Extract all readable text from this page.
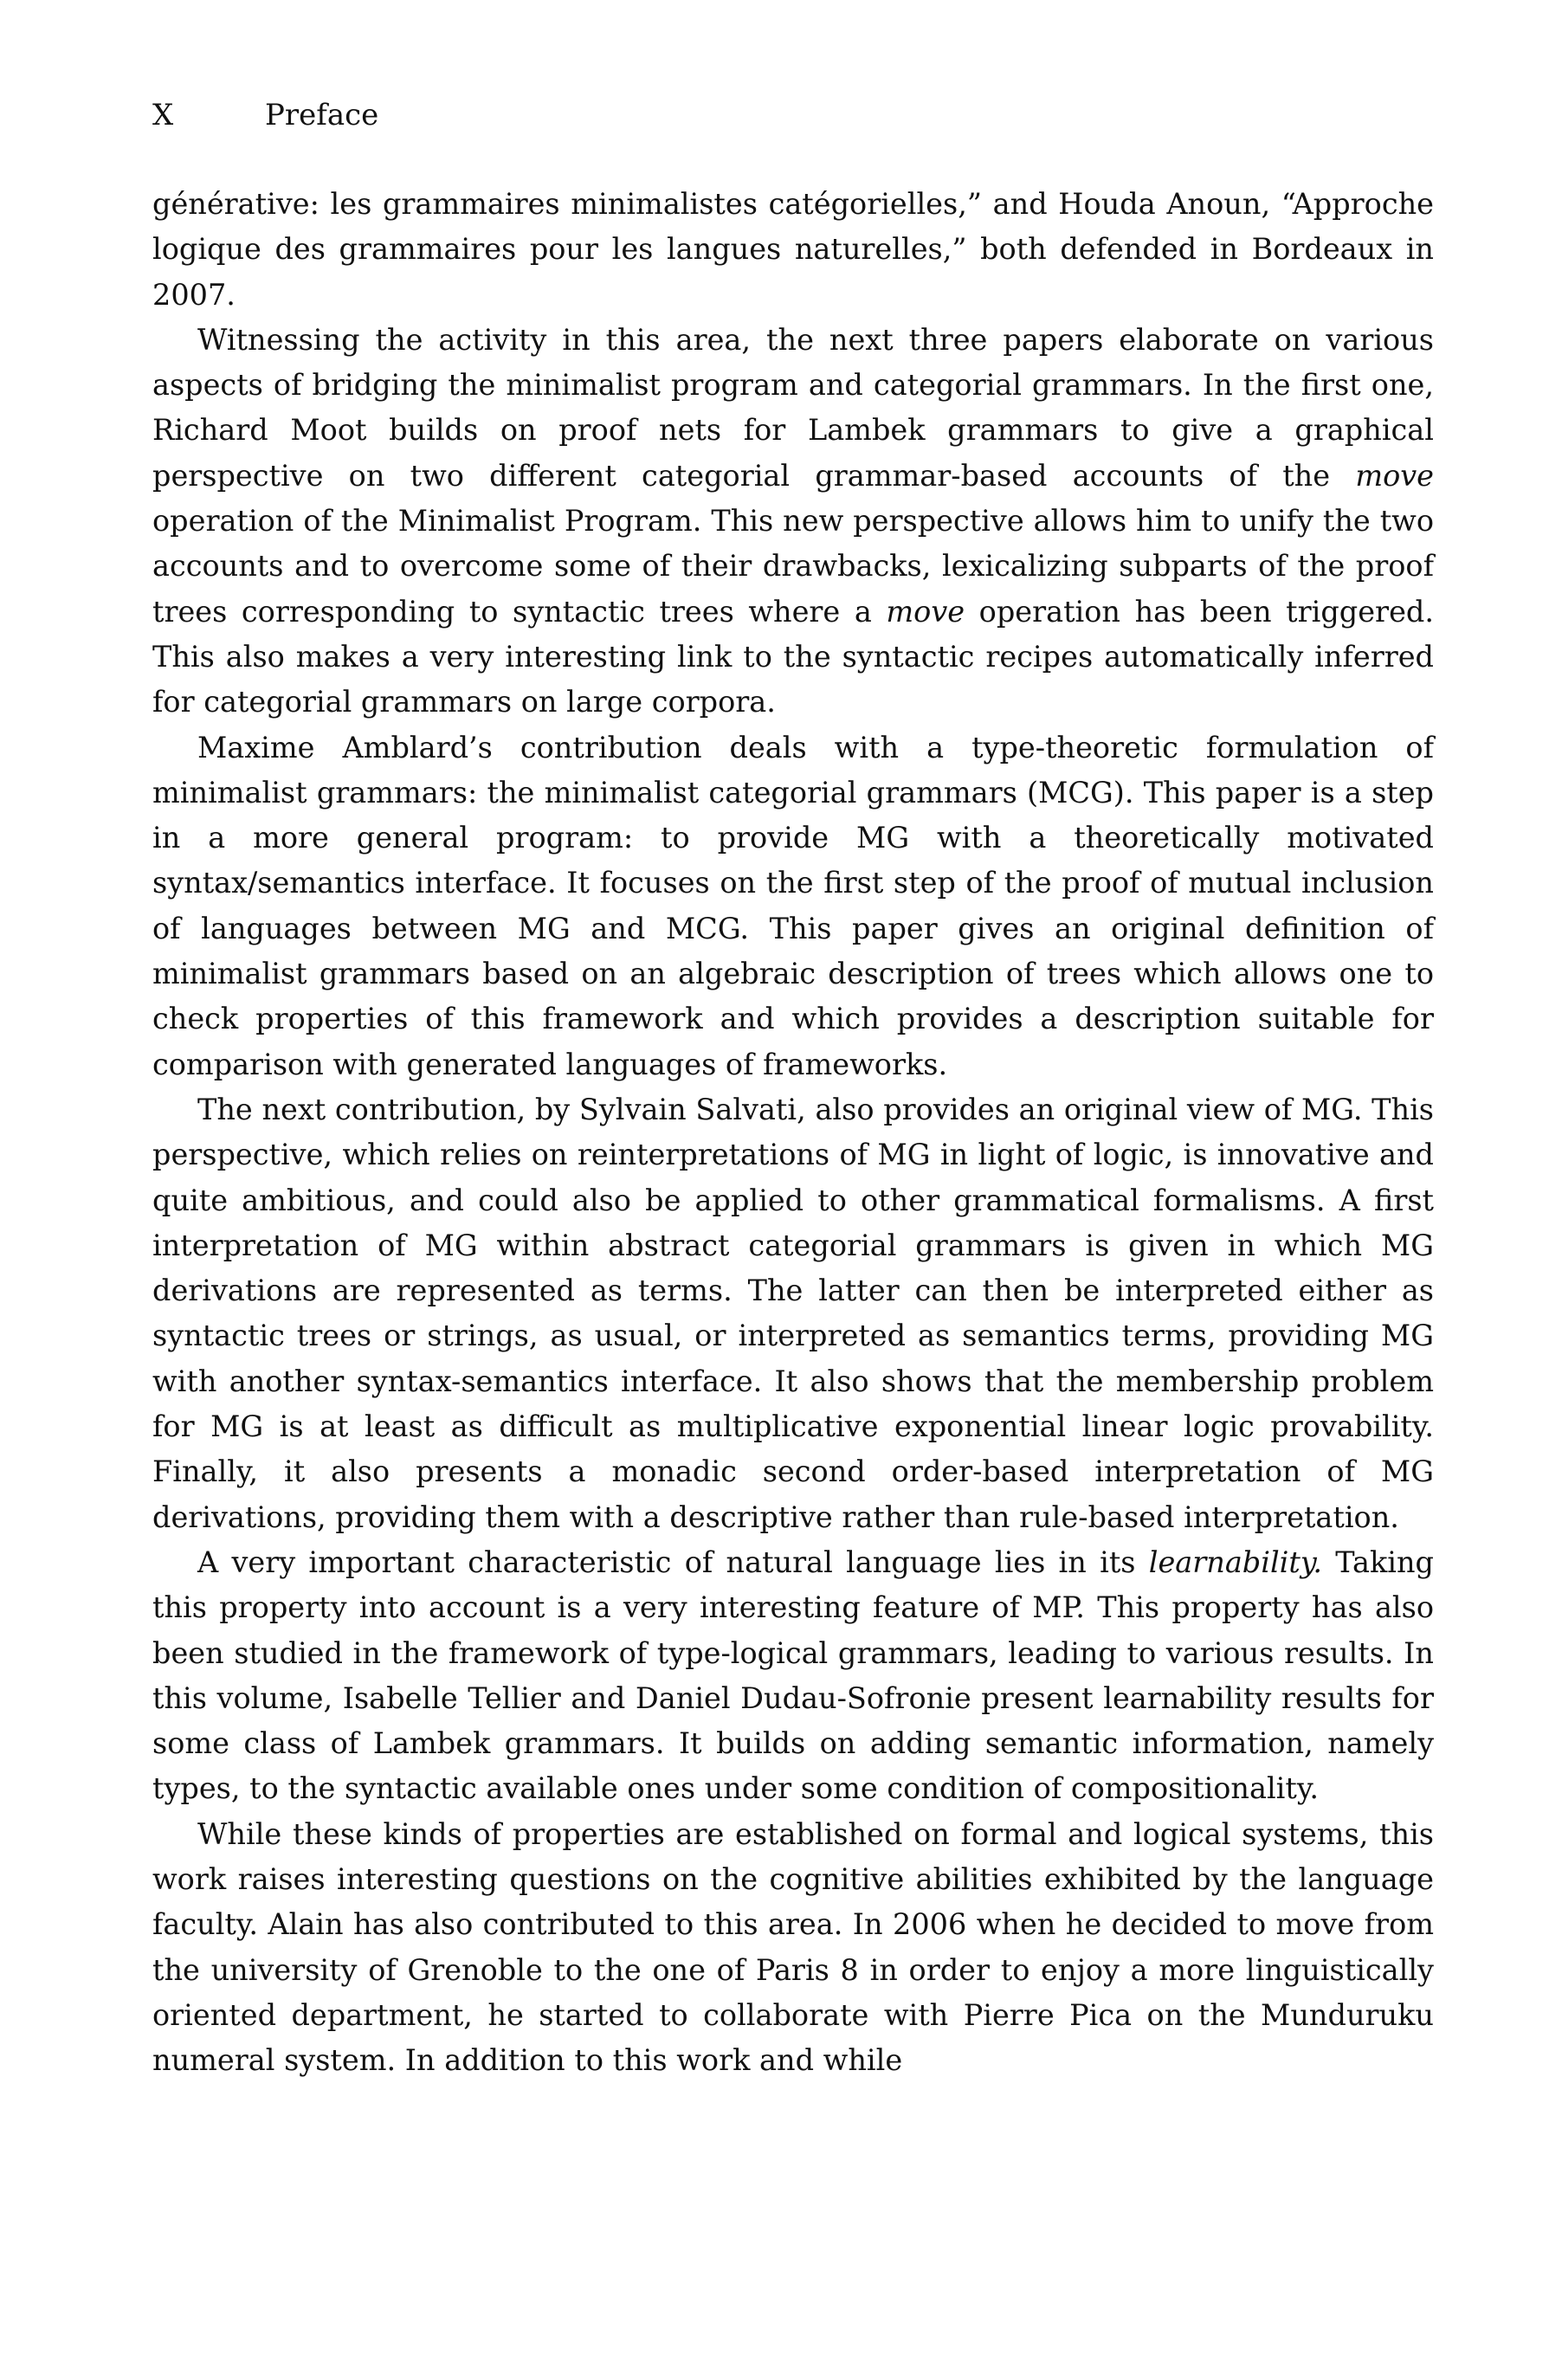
X	Preface

générative: les grammaires minimalistes catégorielles,” and Houda Anoun, “Approche logique des grammaires pour les langues naturelles,” both defended in Bordeaux in 2007.

Witnessing the activity in this area, the next three papers elaborate on various aspects of bridging the minimalist program and categorial grammars. In the first one, Richard Moot builds on proof nets for Lambek grammars to give a graphical perspective on two different categorial grammar-based accounts of the move operation of the Minimalist Program. This new perspective allows him to unify the two accounts and to overcome some of their drawbacks, lexicalizing subparts of the proof trees corresponding to syntactic trees where a move operation has been triggered. This also makes a very interesting link to the syntactic recipes automatically inferred for categorial grammars on large corpora.

Maxime Amblard’s contribution deals with a type-theoretic formulation of minimalist grammars: the minimalist categorial grammars (MCG). This paper is a step in a more general program: to provide MG with a theoretically motivated syntax/semantics interface. It focuses on the first step of the proof of mutual inclusion of languages between MG and MCG. This paper gives an original definition of minimalist grammars based on an algebraic description of trees which allows one to check properties of this framework and which provides a description suitable for comparison with generated languages of frameworks.

The next contribution, by Sylvain Salvati, also provides an original view of MG. This perspective, which relies on reinterpretations of MG in light of logic, is innovative and quite ambitious, and could also be applied to other grammatical formalisms. A first interpretation of MG within abstract categorial grammars is given in which MG derivations are represented as terms. The latter can then be interpreted either as syntactic trees or strings, as usual, or interpreted as semantics terms, providing MG with another syntax-semantics interface. It also shows that the membership problem for MG is at least as difficult as multiplicative exponential linear logic provability. Finally, it also presents a monadic second order-based interpretation of MG derivations, providing them with a descriptive rather than rule-based interpretation.

A very important characteristic of natural language lies in its learnability. Taking this property into account is a very interesting feature of MP. This property has also been studied in the framework of type-logical grammars, leading to various results. In this volume, Isabelle Tellier and Daniel Dudau-Sofronie present learnability results for some class of Lambek grammars. It builds on adding semantic information, namely types, to the syntactic available ones under some condition of compositionality.

While these kinds of properties are established on formal and logical systems, this work raises interesting questions on the cognitive abilities exhibited by the language faculty. Alain has also contributed to this area. In 2006 when he decided to move from the university of Grenoble to the one of Paris 8 in order to enjoy a more linguistically oriented department, he started to collaborate with Pierre Pica on the Munduruku numeral system. In addition to this work and while
